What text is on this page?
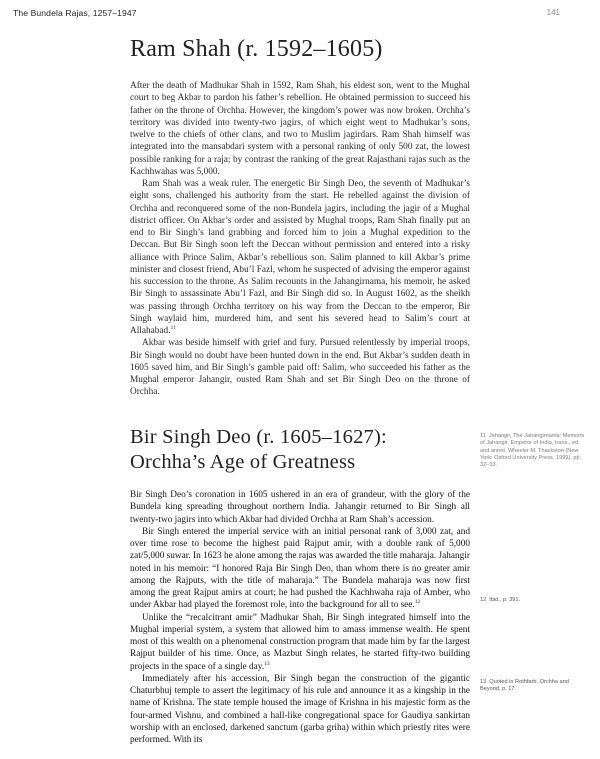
The Bundela Rajas, 1257–1947	141
Ram Shah (r. 1592–1605)

After the death of Madhukar Shah in 1592, Ram Shah, his eldest son, went to the Mughal court to beg Akbar to pardon his father’s rebellion. He obtained permission to succeed his father on the throne of Orchha. However, the kingdom’s power was now broken. Orchha’s territory was divided into twenty-two jagirs, of which eight went to Madhukar’s sons, twelve to the chiefs of other clans, and two to Muslim jagirdars. Ram Shah himself was integrated into the mansabdari system with a personal ranking of only 500 zat, the lowest possible ranking for a raja; by contrast the ranking of the great Rajasthani rajas such as the Kachhwahas was 5,000.

Ram Shah was a weak ruler. The energetic Bir Singh Deo, the seventh of Madhukar’s eight sons, challenged his authority from the start. He rebelled against the division of Orchha and reconquered some of the non-Bundela jagirs, including the jagir of a Mughal district officer. On Akbar’s order and assisted by Mughal troops, Ram Shah finally put an end to Bir Singh’s land grabbing and forced him to join a Mughal expedition to the Deccan. But Bir Singh soon left the Deccan without permission and entered into a risky alliance with Prince Salim, Akbar’s rebellious son. Salim planned to kill Akbar’s prime minister and closest friend, Abu’l Fazl, whom he suspected of advising the emperor against his succession to the throne. As Salim recounts in the Jahangirnama, his memoir, he asked Bir Singh to assassinate Abu’l Fazl, and Bir Singh did so. In August 1602, as the sheikh was passing through Orchha territory on his way from the Deccan to the emperor, Bir Singh waylaid him, murdered him, and sent his severed head to Salim’s court at Allahabad.$^{11}$

Akbar was beside himself with grief and fury. Pursued relentlessly by imperial troops, Bir Singh would no doubt have been hunted down in the end. But Akbar’s sudden death in 1605 saved him, and Bir Singh’s gamble paid off: Salim, who succeeded his father as the Mughal emperor Jahangir, ousted Ram Shah and set Bir Singh Deo on the throne of Orchha.

Bir Singh Deo (r. 1605–1627):
Orchha’s Age of Greatness

Bir Singh Deo’s coronation in 1605 ushered in an era of grandeur, with the glory of the Bundela king spreading throughout northern India. Jahangir returned to Bir Singh all twenty-two jagirs into which Akbar had divided Orchha at Ram Shah’s accession.

Bir Singh entered the imperial service with an initial personal rank of 3,000 zat, and over time rose to become the highest paid Rajput amir, with a double rank of 5,000 zat/5,000 suwar. In 1623 he alone among the rajas was awarded the title maharaja. Jahangir noted in his memoir: “I honored Raja Bir Singh Deo, than whom there is no greater amir among the Rajputs, with the title of maharaja.” The Bundela maharaja was now first among the great Rajput amirs at court; he had pushed the Kachhwaha raja of Amber, who under Akbar had played the foremost role, into the background for all to see.$^{12}$

Unlike the “recalcitrant amir” Madhukar Shah, Bir Singh integrated himself into the Mughal imperial system, a system that allowed him to amass immense wealth. He spent most of this wealth on a phenomenal construction program that made him by far the largest Rajput builder of his time. Once, as Mazbut Singh relates, he started fifty-two building projects in the space of a single day.$^{13}$

Immediately after his accession, Bir Singh began the construction of the gigantic Chaturbhuj temple to assert the legitimacy of his rule and announce it as a kingship in the name of Krishna. The state temple housed the image of Krishna in his majestic form as the four-armed Vishnu, and combined a hall-like congregational space for Gaudiya sankirtan worship with an enclosed, darkened sanctum (garba griha) within which priestly rites were performed. With its

11 Jahangir, The Jahangirnama: Memoirs of Jahangir, Emperor of India, trans., ed. and annot. Wheeler M. Thackston (New York: Oxford University Press, 1999), pp. 32–33.

12 Ibid., p. 391.

13 Quoted in Rothfarb, Orchha and Beyond, p. 17.
